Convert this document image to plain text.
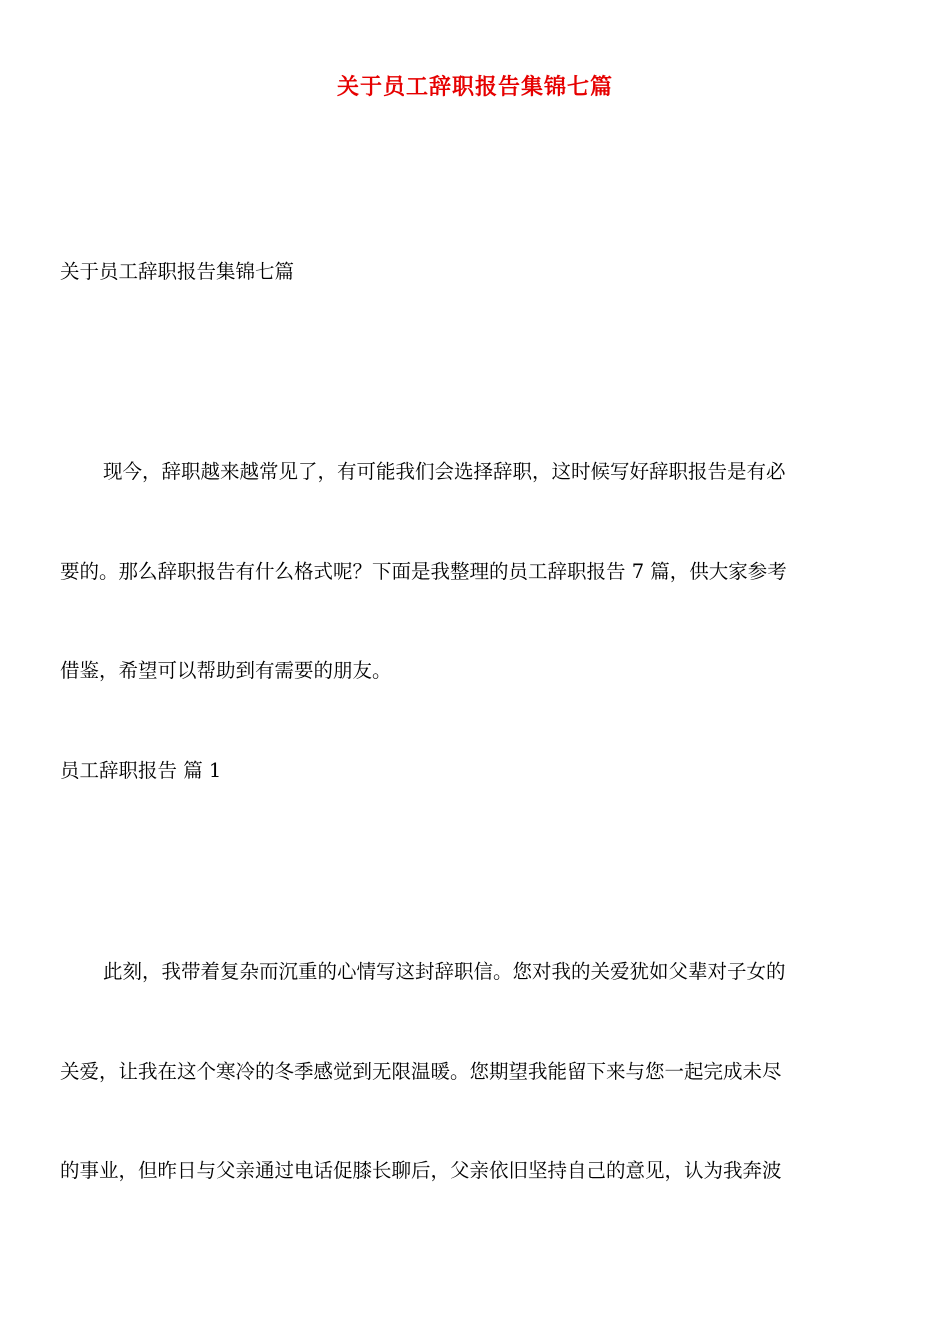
关于员工辞职报告集锦七篇
关于员工辞职报告集锦七篇
现今，辞职越来越常见了，有可能我们会选择辞职，这时候写好辞职报告是有必
要的。那么辞职报告有什么格式呢？下面是我整理的员工辞职报告 7 篇，供大家参考
借鉴，希望可以帮助到有需要的朋友。
员工辞职报告 篇 1
此刻，我带着复杂而沉重的心情写这封辞职信。您对我的关爱犹如父辈对子女的
关爱，让我在这个寒冷的冬季感觉到无限温暖。您期望我能留下来与您一起完成未尽
的事业，但昨日与父亲通过电话促膝长聊后，父亲依旧坚持自己的意见，认为我奔波
